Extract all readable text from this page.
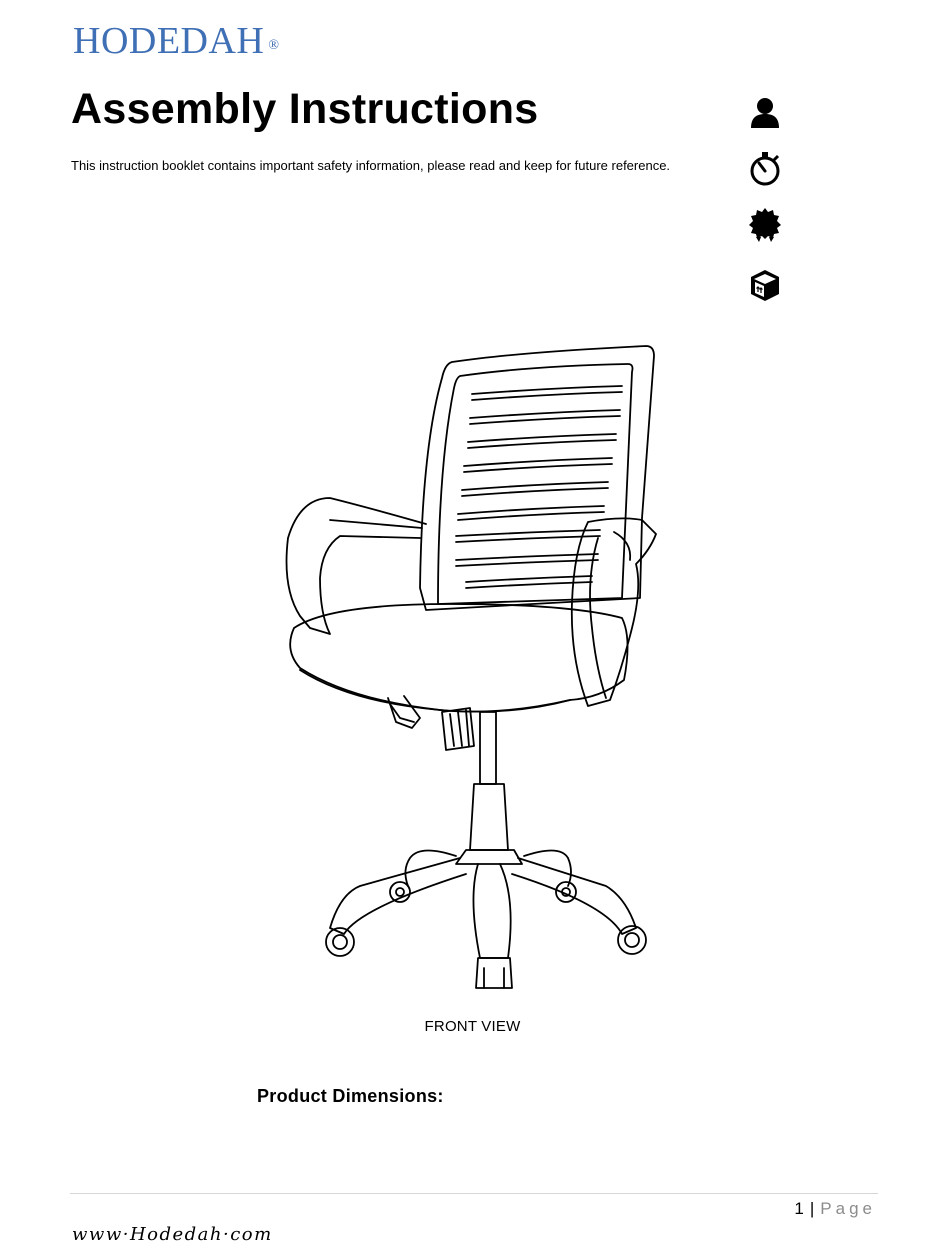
HODEDAH ®
Assembly Instructions
This instruction booklet contains important safety information, please read and keep for future reference.
FRONT VIEW
Product Dimensions:
1 | Page
www·Hodedah·com
